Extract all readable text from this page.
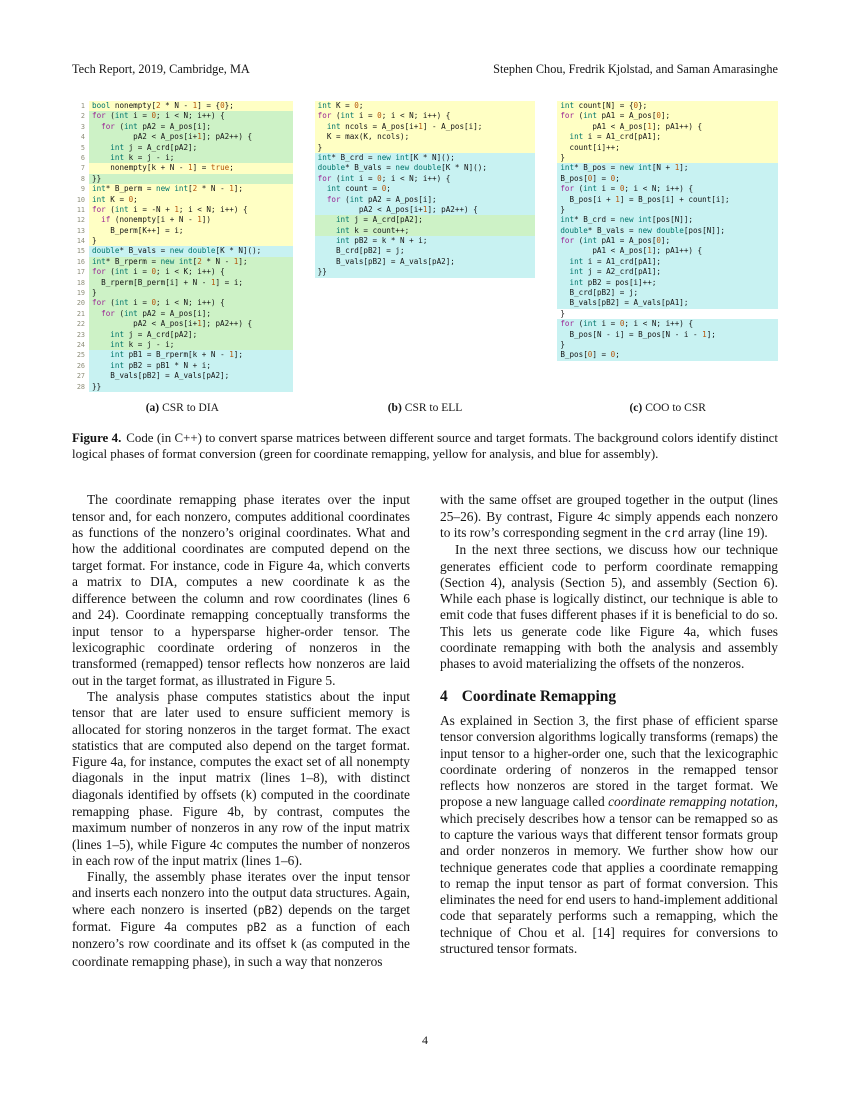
Tech Report, 2019, Cambridge, MA	Stephen Chou, Fredrik Kjolstad, and Saman Amarasinghe
1 bool nonempty[2 * N - 1] = {0};
2 for (int i = 0; i < N; i++) {
3	for (int pA2 = A_pos[i];
4	pA2 < A_pos[i+1]; pA2++) {
5	int j = A_crd[pA2];
6	int k = j - i;
7	nonempty[k + N - 1] = true;
8 }}
9 int* B_perm = new int[2 * N - 1];
10 int K = 0;
11 for (int i = -N + 1; i < N; i++) {
12	if (nonempty[i + N - 1])
13	B_perm[K++] = i;
14 }
15 double* B_vals = new double[K * N]();
16 int* B_rperm = new int[2 * N - 1];
17 for (int i = 0; i < K; i++) {
18	B_rperm[B_perm[i] + N - 1] = i;
19 }
20 for (int i = 0; i < N; i++) {
21	for (int pA2 = A_pos[i];
22	pA2 < A_pos[i+1]; pA2++) {
23	int j = A_crd[pA2];
24	int k = j - i;
25	int pB1 = B_rperm[k + N - 1];
26	int pB2 = pB1 * N + i;
27	B_vals[pB2] = A_vals[pA2];
28 }}
(a) CSR to DIA
int K = 0;
for (int i = 0; i < N; i++) {
int ncols = A_pos[i+1] - A_pos[i];
K = max(K, ncols);
}
int* B_crd = new int[K * N]();
double* B_vals = new double[K * N]();
for (int i = 0; i < N; i++) {
int count = 0;
for (int pA2 = A_pos[i];
pA2 < A_pos[i+1]; pA2++) {
int j = A_crd[pA2];
int k = count++;
int pB2 = k * N + i;
B_crd[pB2] = j;
B_vals[pB2] = A_vals[pA2];
}}
(b) CSR to ELL
int count[N] = {0};
for (int pA1 = A_pos[0];
pA1 < A_pos[1]; pA1++) {
int i = A1_crd[pA1];
count[i]++;
}
int* B_pos = new int[N + 1];
B_pos[0] = 0;
for (int i = 0; i < N; i++) {
B_pos[i + 1] = B_pos[i] + count[i];
}
int* B_crd = new int[pos[N]];
double* B_vals = new double[pos[N]];
for (int pA1 = A_pos[0];
pA1 < A_pos[1]; pA1++) {
int i = A1_crd[pA1];
int j = A2_crd[pA1];
int pB2 = pos[i]++;
B_crd[pB2] = j;
B_vals[pB2] = A_vals[pA1];
}
for (int i = 0; i < N; i++) {
B_pos[N - i] = B_pos[N - i - 1];
}
B_pos[0] = 0;
(c) COO to CSR
Figure 4. Code (in C++) to convert sparse matrices between different source and target formats. The background colors identify distinct logical phases of format conversion (green for coordinate remapping, yellow for analysis, and blue for assembly).

The coordinate remapping phase iterates over the input tensor and, for each nonzero, computes additional coordinates as functions of the nonzero’s original coordinates. What and how the additional coordinates are computed depend on the target format. For instance, code in Figure 4a, which converts a matrix to DIA, computes a new coordinate k as the difference between the column and row coordinates (lines 6 and 24). Coordinate remapping conceptually transforms the input tensor to a hypersparse higher-order tensor. The lexicographic coordinate ordering of nonzeros in the transformed (remapped) tensor reflects how nonzeros are laid out in the target format, as illustrated in Figure 5.

The analysis phase computes statistics about the input tensor that are later used to ensure sufficient memory is allocated for storing nonzeros in the target format. The exact statistics that are computed also depend on the target format. Figure 4a, for instance, computes the exact set of all nonempty diagonals in the input matrix (lines 1–8), with distinct diagonals identified by offsets (k) computed in the coordinate remapping phase. Figure 4b, by contrast, computes the maximum number of nonzeros in any row of the input matrix (lines 1–5), while Figure 4c computes the number of nonzeros in each row of the input matrix (lines 1–6).

Finally, the assembly phase iterates over the input tensor and inserts each nonzero into the output data structures. Again, where each nonzero is inserted (pB2) depends on the target format. Figure 4a computes pB2 as a function of each nonzero’s row coordinate and its offset k (as computed in the coordinate remapping phase), in such a way that nonzeros

with the same offset are grouped together in the output (lines 25–26). By contrast, Figure 4c simply appends each nonzero to its row’s corresponding segment in the crd array (line 19).

In the next three sections, we discuss how our technique generates efficient code to perform coordinate remapping (Section 4), analysis (Section 5), and assembly (Section 6). While each phase is logically distinct, our technique is able to emit code that fuses different phases if it is beneficial to do so. This lets us generate code like Figure 4a, which fuses coordinate remapping with both the analysis and assembly phases to avoid materializing the offsets of the nonzeros.

4 Coordinate Remapping

As explained in Section 3, the first phase of efficient sparse tensor conversion algorithms logically transforms (remaps) the input tensor to a higher-order one, such that the lexicographic coordinate ordering of nonzeros in the remapped tensor reflects how nonzeros are stored in the target format. We propose a new language called coordinate remapping notation, which precisely describes how a tensor can be remapped so as to capture the various ways that different tensor formats group and order nonzeros in memory. We further show how our technique generates code that applies a coordinate remapping to remap the input tensor as part of format conversion. This eliminates the need for end users to hand-implement additional code that separately performs such a remapping, which the technique of Chou et al. [14] requires for conversions to structured tensor formats.

4
